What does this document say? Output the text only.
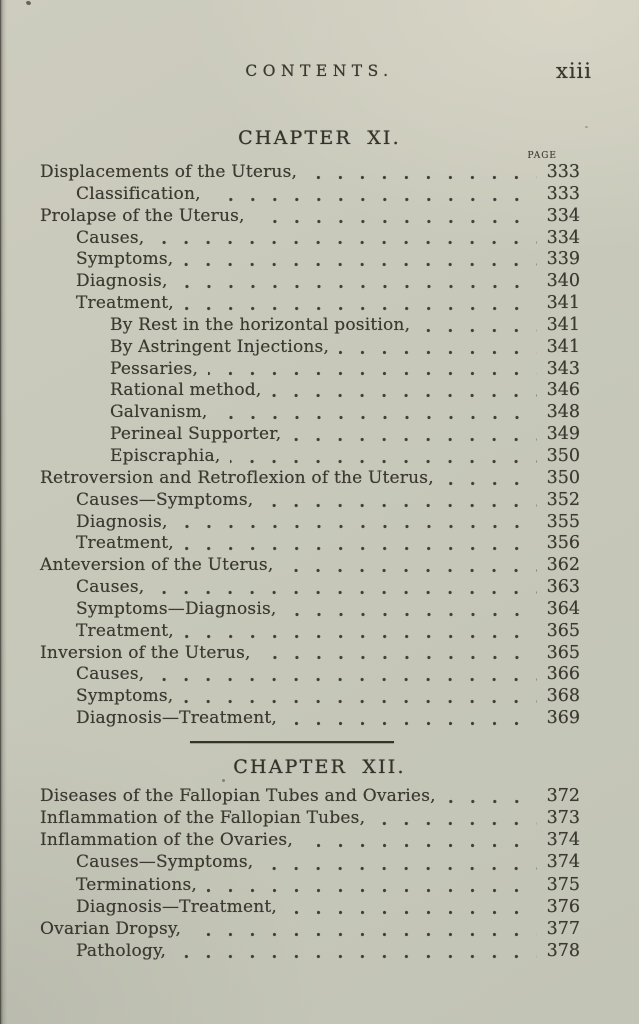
CONTENTS.	xiii
CHAPTER XI.
PAGE
Displacements of the Uterus,	333
Classification,	333
Prolapse of the Uterus,	334
Causes,	334
Symptoms,	339
Diagnosis,	340
Treatment,	341
By Rest in the horizontal position,	341
By Astringent Injections,	341
Pessaries,	343
Rational method,	346
Galvanism,	348
Perineal Supporter,	349
Episcraphia,	350
Retroversion and Retroflexion of the Uterus,	350
Causes—Symptoms,	352
Diagnosis,	355
Treatment,	356
Anteversion of the Uterus,	362
Causes,	363
Symptoms—Diagnosis,	364
Treatment,	365
Inversion of the Uterus,	365
Causes,	366
Symptoms,	368
Diagnosis—Treatment,	369
CHAPTER XII.
Diseases of the Fallopian Tubes and Ovaries,	372
Inflammation of the Fallopian Tubes,	373
Inflammation of the Ovaries,	374
Causes—Symptoms,	374
Terminations,	375
Diagnosis—Treatment,	376
Ovarian Dropsy,	377
Pathology,	378
